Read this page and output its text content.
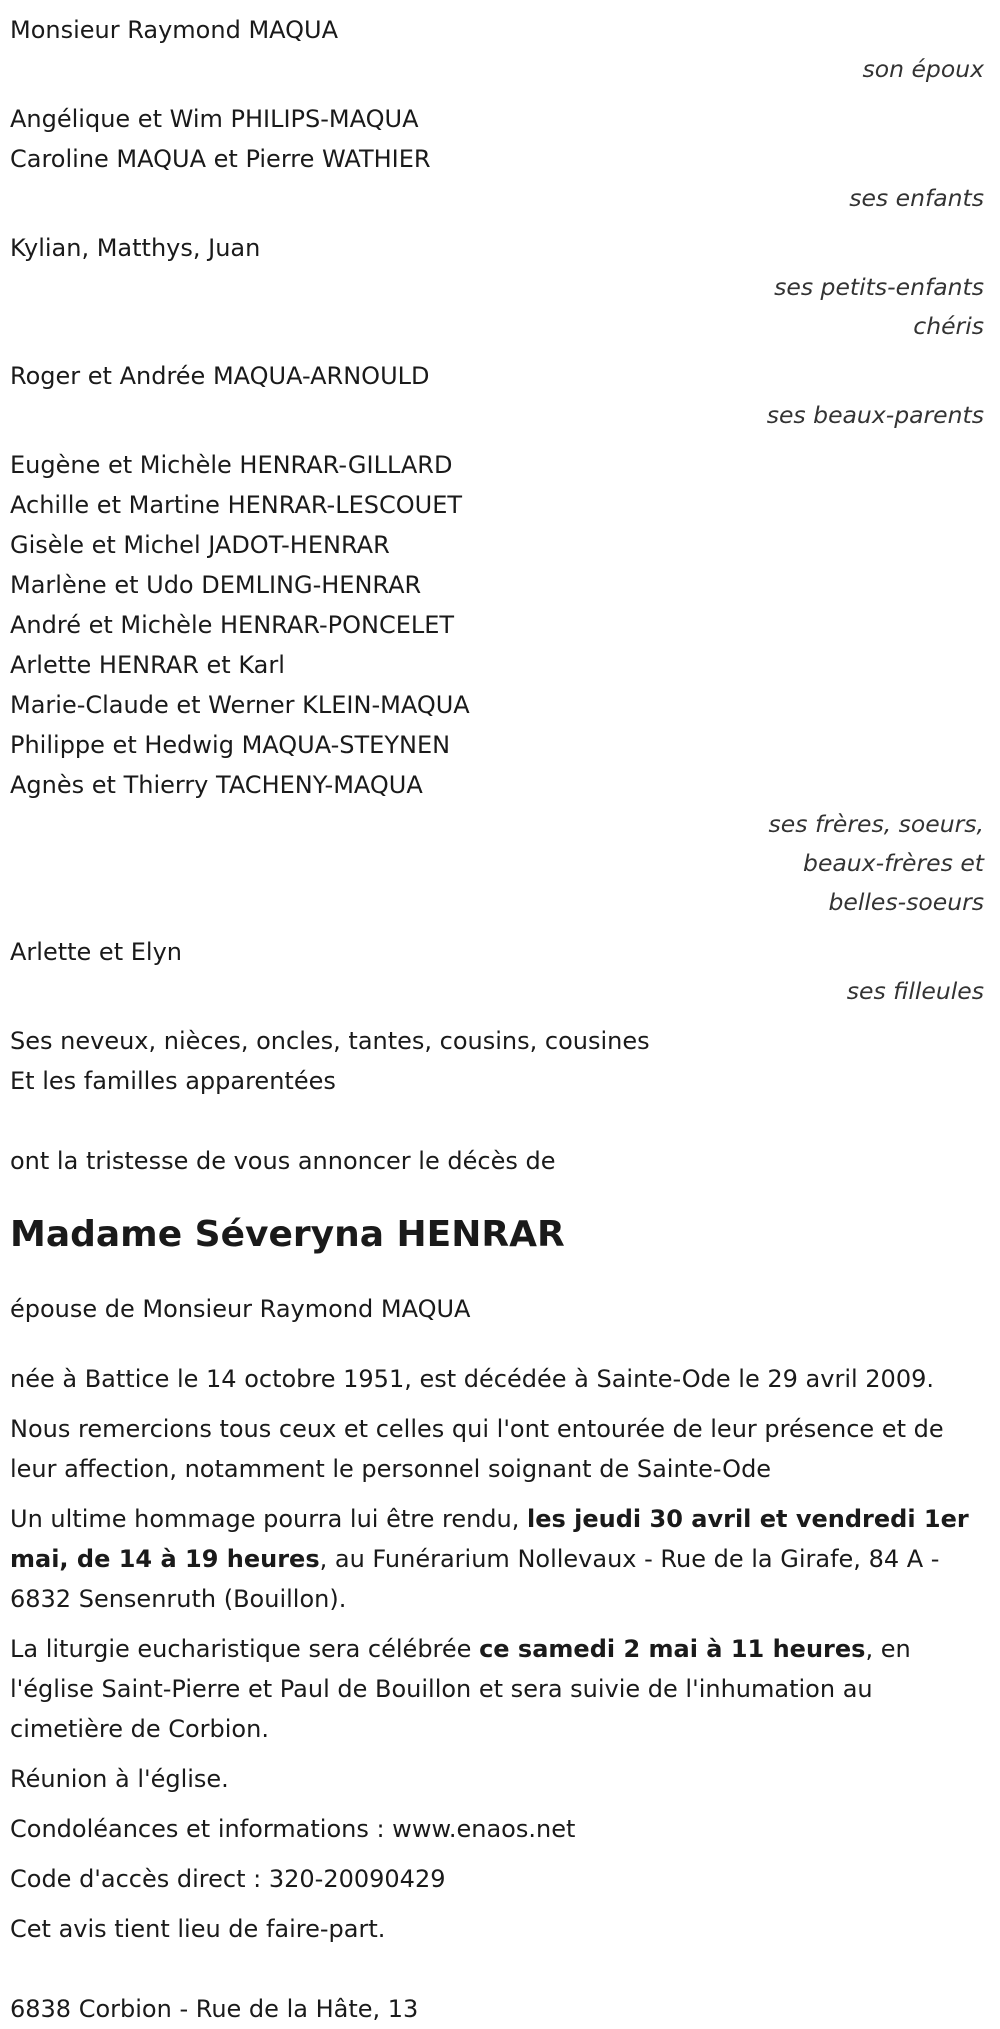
Monsieur Raymond MAQUA
son époux
Angélique et Wim PHILIPS-MAQUA
Caroline MAQUA et Pierre WATHIER
ses enfants
Kylian, Matthys, Juan
ses petits-enfants
chéris
Roger et Andrée MAQUA-ARNOULD
ses beaux-parents
Eugène et Michèle HENRAR-GILLARD
Achille et Martine HENRAR-LESCOUET
Gisèle et Michel JADOT-HENRAR
Marlène et Udo DEMLING-HENRAR
André et Michèle HENRAR-PONCELET
Arlette HENRAR et Karl
Marie-Claude et Werner KLEIN-MAQUA
Philippe et Hedwig MAQUA-STEYNEN
Agnès et Thierry TACHENY-MAQUA
ses frères, soeurs,
beaux-frères et
belles-soeurs
Arlette et Elyn
ses filleules
Ses neveux, nièces, oncles, tantes, cousins, cousines
Et les familles apparentées
ont la tristesse de vous annoncer le décès de
Madame Séveryna HENRAR
épouse de Monsieur Raymond MAQUA

née à Battice le 14 octobre 1951, est décédée à Sainte-Ode le 29 avril 2009.

Nous remercions tous ceux et celles qui l'ont entourée de leur présence et de leur affection, notamment le personnel soignant de Sainte-Ode

Un ultime hommage pourra lui être rendu, les jeudi 30 avril et vendredi 1er mai, de 14 à 19 heures, au Funérarium Nollevaux - Rue de la Girafe, 84 A - 6832 Sensenruth (Bouillon).

La liturgie eucharistique sera célébrée ce samedi 2 mai à 11 heures, en l'église Saint-Pierre et Paul de Bouillon et sera suivie de l'inhumation au cimetière de Corbion.

Réunion à l'église.

Condoléances et informations : www.enaos.net

Code d'accès direct : 320-20090429

Cet avis tient lieu de faire-part.

6838 Corbion - Rue de la Hâte, 13
